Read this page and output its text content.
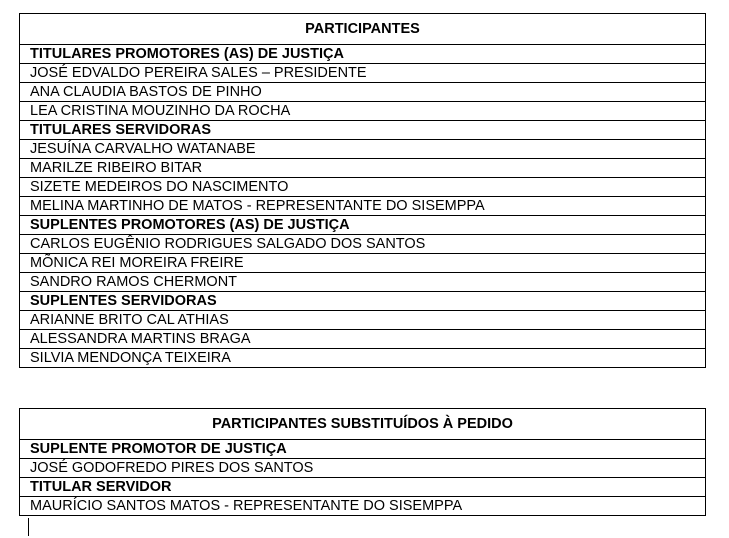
PARTICIPANTES
TITULARES PROMOTORES (AS) DE JUSTIÇA
JOSÉ EDVALDO PEREIRA SALES – PRESIDENTE
ANA CLAUDIA BASTOS DE PINHO
LEA CRISTINA MOUZINHO DA ROCHA
TITULARES SERVIDORAS
JESUÍNA CARVALHO WATANABE
MARILZE RIBEIRO BITAR
SIZETE MEDEIROS DO NASCIMENTO
MELINA MARTINHO DE MATOS - REPRESENTANTE DO SISEMPPA
SUPLENTES PROMOTORES (AS) DE JUSTIÇA
CARLOS EUGÊNIO RODRIGUES SALGADO DOS SANTOS
MÕNICA REI MOREIRA FREIRE
SANDRO RAMOS CHERMONT
SUPLENTES SERVIDORAS
ARIANNE BRITO CAL ATHIAS
ALESSANDRA MARTINS BRAGA
SILVIA MENDONÇA TEIXEIRA
PARTICIPANTES SUBSTITUÍDOS À PEDIDO
SUPLENTE PROMOTOR DE JUSTIÇA
JOSÉ GODOFREDO PIRES DOS SANTOS
TITULAR SERVIDOR
MAURÍCIO SANTOS MATOS - REPRESENTANTE DO SISEMPPA
